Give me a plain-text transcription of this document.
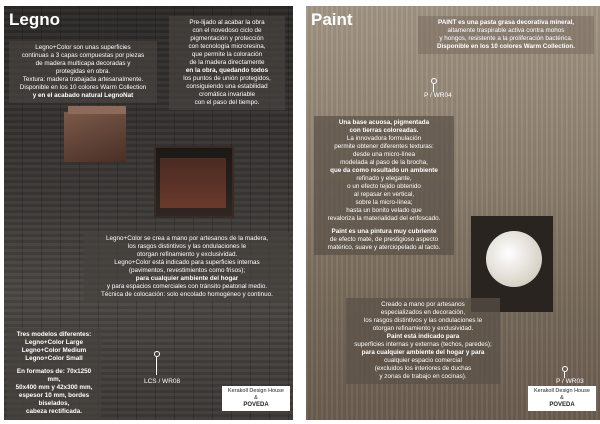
Legno

Legno+Color son unas superficies

continuas a 3 capas compuestas por piezas

de madera multicapa decoradas y

protegidas en obra.

Textura: madera trabajada artesanalmente.

Disponible en los 10 colores Warm Collection

y en el acabado natural LegnoNat

Pre-lijado al acabar la obra

con el novedoso ciclo de

pigmentación y protección

con tecnología microresina,

que permite la coloración

de la madera directamente

en la obra, quedando todos

los puntos de unión protegidos,

consiguiendo una estabilidad

cromática invariable

con el paso del tiempo.

Legno+Color se crea a mano por artesanos de la madera,

los rasgos distintivos y las ondulaciones le

otorgan refinamiento y exclusividad.

Legno+Color está indicado para superficies internas

(pavimentos, revestimientos como frisos);

para cualquier ambiente del hogar

y para espacios comerciales con tránsito peatonal medio.

Técnica de colocación: solo encolado homogéneo y continuo.

Tres modelos diferentes:

Legno+Color Large

Legno+Color Medium

Legno+Color Small

En formatos de: 70x1250 mm,

50x400 mm y 42x300 mm,

espesor 10 mm, bordes biselados,

cabeza rectificada.

LCS / WR08
Kerakoll Design House
&
POVEDA
Paint	PAINT es una pasta grasa decorativa mineral,

altamente traspirable activa contra mohos

y hongos, resistente a la proliferación bactérica.

Disponible en los 10 colores Warm Collection.

P / WR04

Una base acuosa, pigmentada

con tierras coloreadas.

La innovadora formulación

permite obtener diferentes texturas:

desde una micro-línea

modelada al paso de la brocha,

que da como resultado un ambiente

refinado y elegante,

o un efecto tejido obtenido

al repasar en vertical,

sobre la micro-línea;

hasta un bonito velado que

revaloriza la materialidad del enfoscado.

Paint es una pintura muy cubriente

de efecto mate, de prestigioso aspecto

matérico, suave y aterciopelado al tacto.

Creado a mano por artesanos

especializados en decoración,

los rasgos distintivos y las ondulaciones le

otorgan refinamiento y exclusividad.

Paint está indicado para

superficies internas y externas (techos, paredes);

para cualquier ambiente del hogar y para

cualquier espacio comercial

(excluidos los interiores de duchas

y zonas de trabajo en cocinas).

P / WR03
Kerakoll Design House
&
POVEDA
